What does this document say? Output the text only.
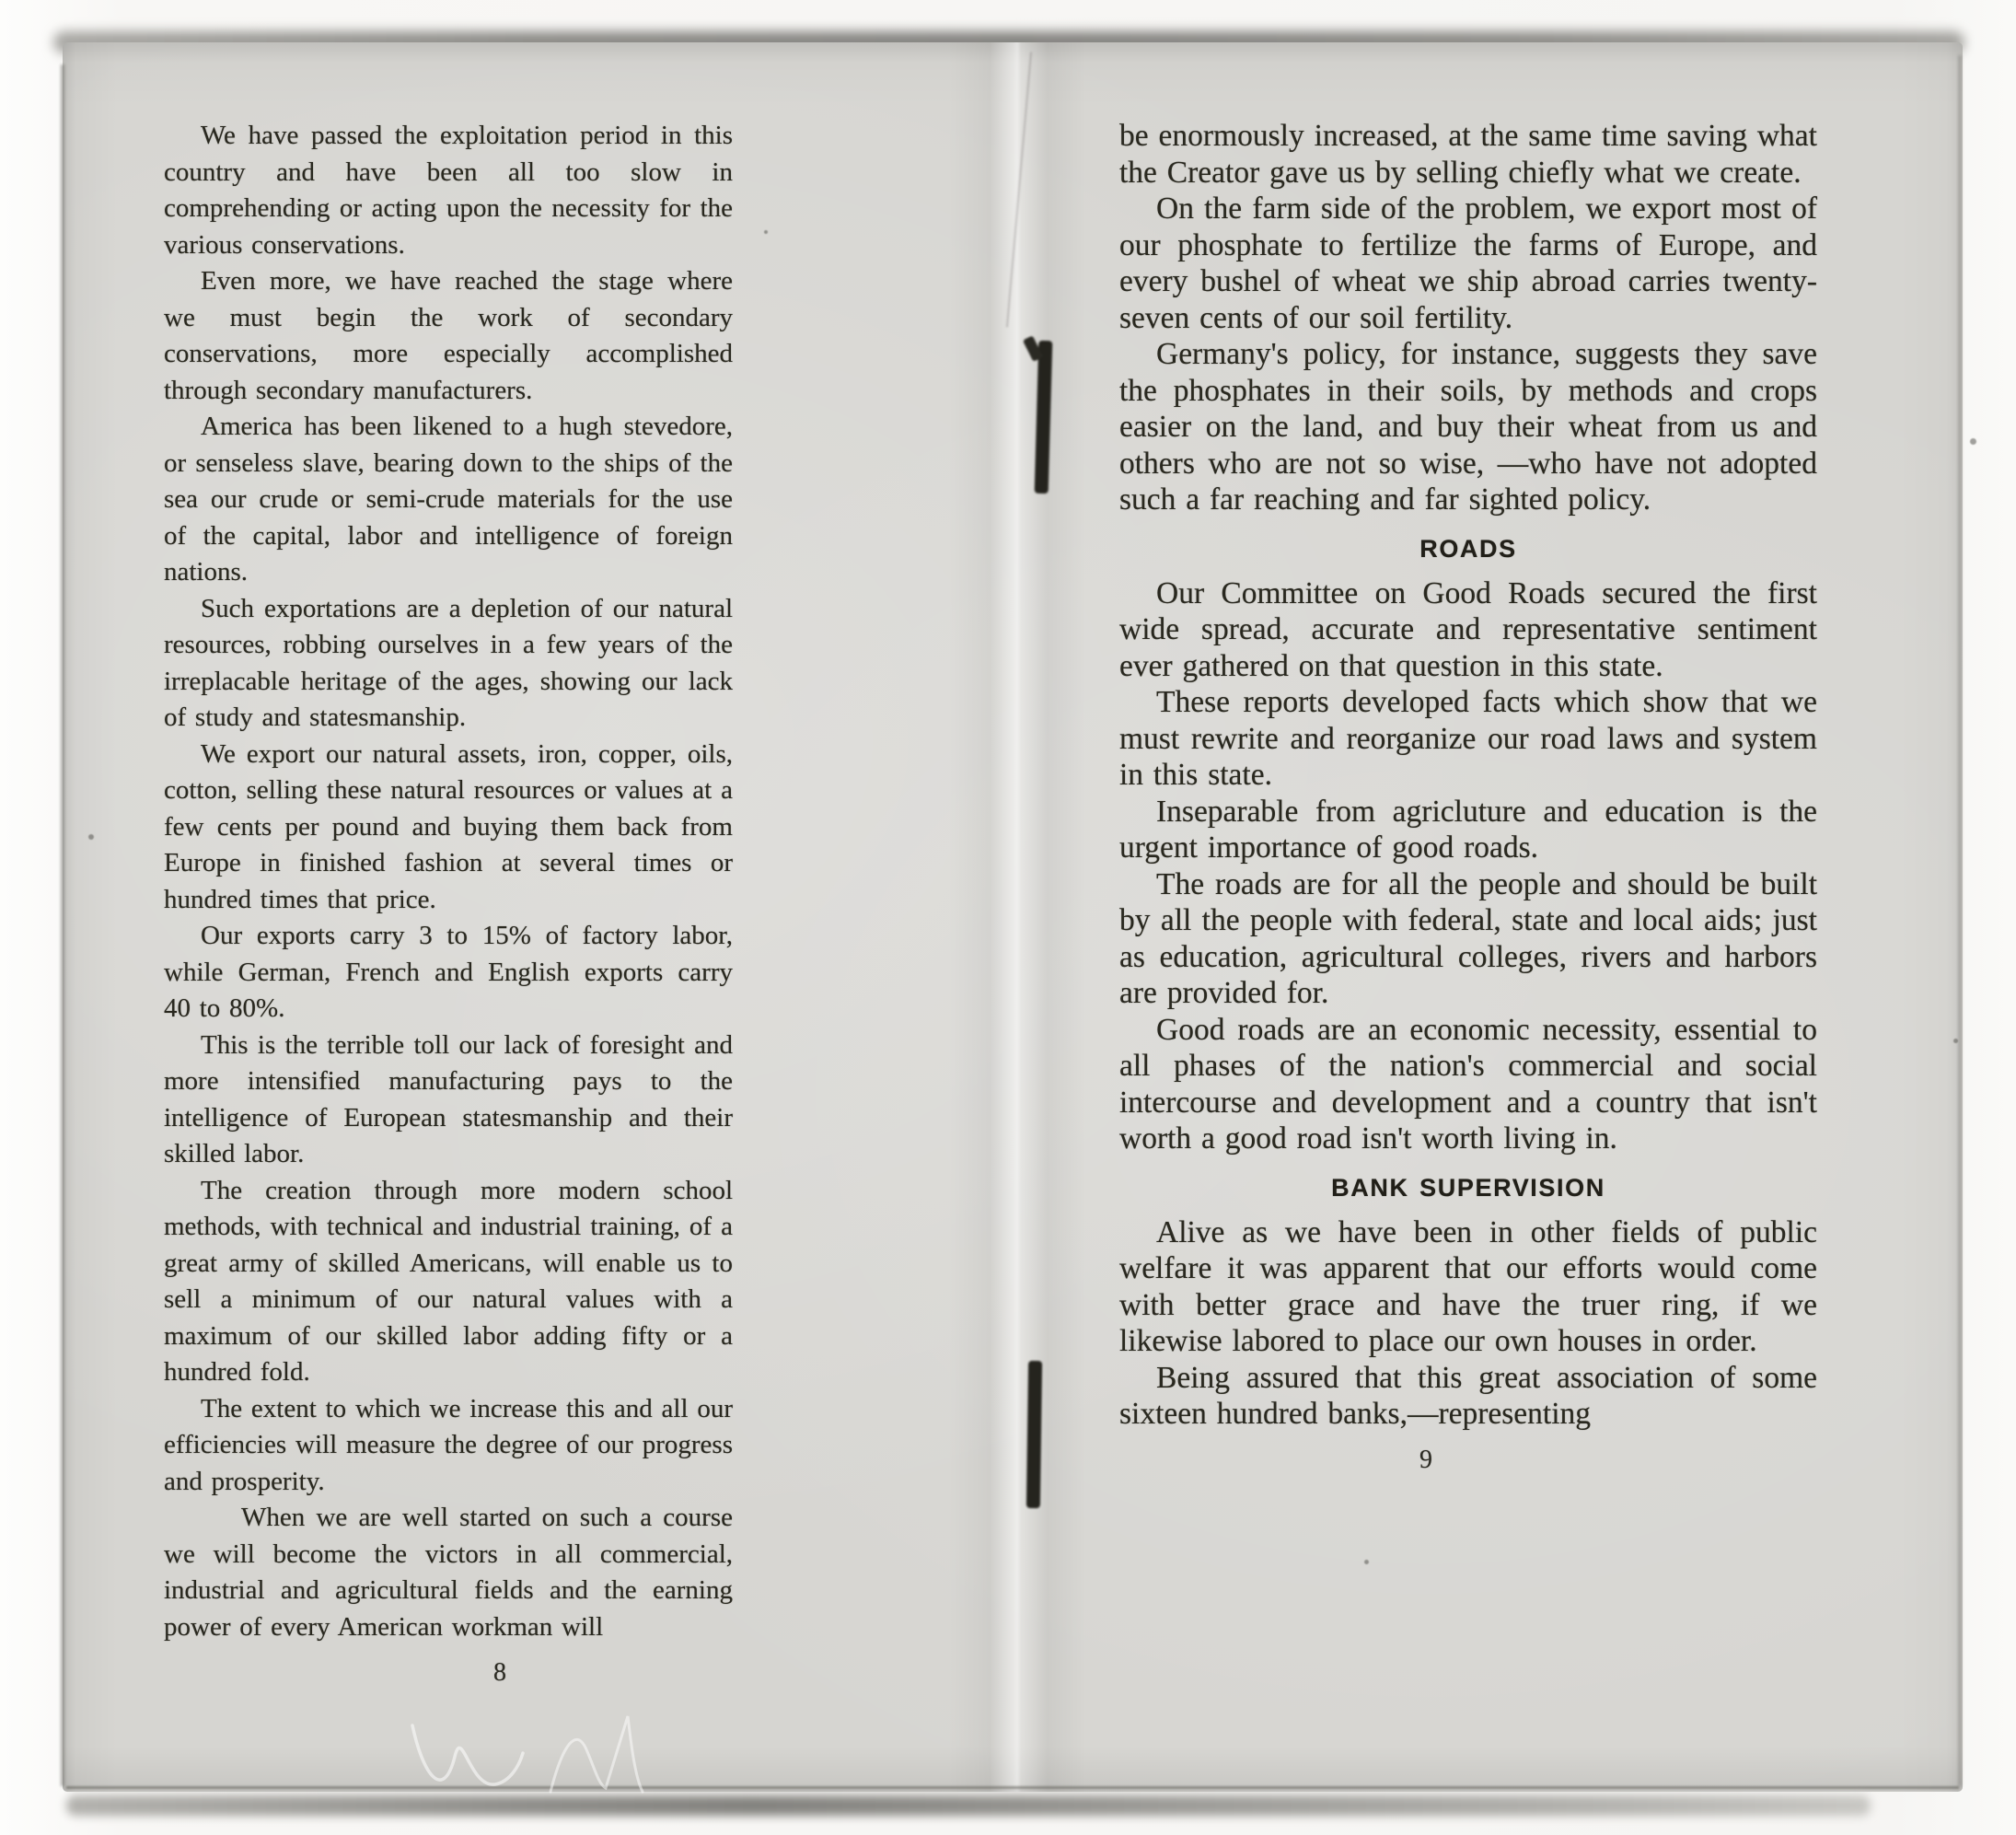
We have passed the exploitation period in this country and have been all too slow in comprehending or acting upon the necessity for the various conservations.

Even more, we have reached the stage where we must begin the work of secondary conservations, more especially accomplished through secondary manufacturers.

America has been likened to a hugh stevedore, or senseless slave, bearing down to the ships of the sea our crude or semi-crude materials for the use of the capital, labor and intelligence of foreign nations.

Such exportations are a depletion of our natural resources, robbing ourselves in a few years of the irreplacable heritage of the ages, showing our lack of study and statesmanship.

We export our natural assets, iron, copper, oils, cotton, selling these natural resources or values at a few cents per pound and buying them back from Europe in finished fashion at several times or hundred times that price.

Our exports carry 3 to 15% of factory labor, while German, French and English exports carry 40 to 80%.

This is the terrible toll our lack of foresight and more intensified manufacturing pays to the intelligence of European statesmanship and their skilled labor.

The creation through more modern school methods, with technical and industrial training, of a great army of skilled Americans, will enable us to sell a minimum of our natural values with a maximum of our skilled labor adding fifty or a hundred fold.

The extent to which we increase this and all our efficiencies will measure the degree of our progress and prosperity.

When we are well started on such a course we will become the victors in all commercial, industrial and agricultural fields and the earning power of every American workman will

8

be enormously increased, at the same time saving what the Creator gave us by selling chiefly what we create.

On the farm side of the problem, we export most of our phosphate to fertilize the farms of Europe, and every bushel of wheat we ship abroad carries twenty-seven cents of our soil fertility.

Germany's policy, for instance, suggests they save the phosphates in their soils, by methods and crops easier on the land, and buy their wheat from us and others who are not so wise, —who have not adopted such a far reaching and far sighted policy.

ROADS

Our Committee on Good Roads secured the first wide spread, accurate and representative sentiment ever gathered on that question in this state.

These reports developed facts which show that we must rewrite and reorganize our road laws and system in this state.

Inseparable from agricluture and education is the urgent importance of good roads.

The roads are for all the people and should be built by all the people with federal, state and local aids; just as education, agricultural colleges, rivers and harbors are provided for.

Good roads are an economic necessity, essential to all phases of the nation's commercial and social intercourse and development and a country that isn't worth a good road isn't worth living in.

BANK SUPERVISION

Alive as we have been in other fields of public welfare it was apparent that our efforts would come with better grace and have the truer ring, if we likewise labored to place our own houses in order.

Being assured that this great association of some sixteen hundred banks,—representing

9
